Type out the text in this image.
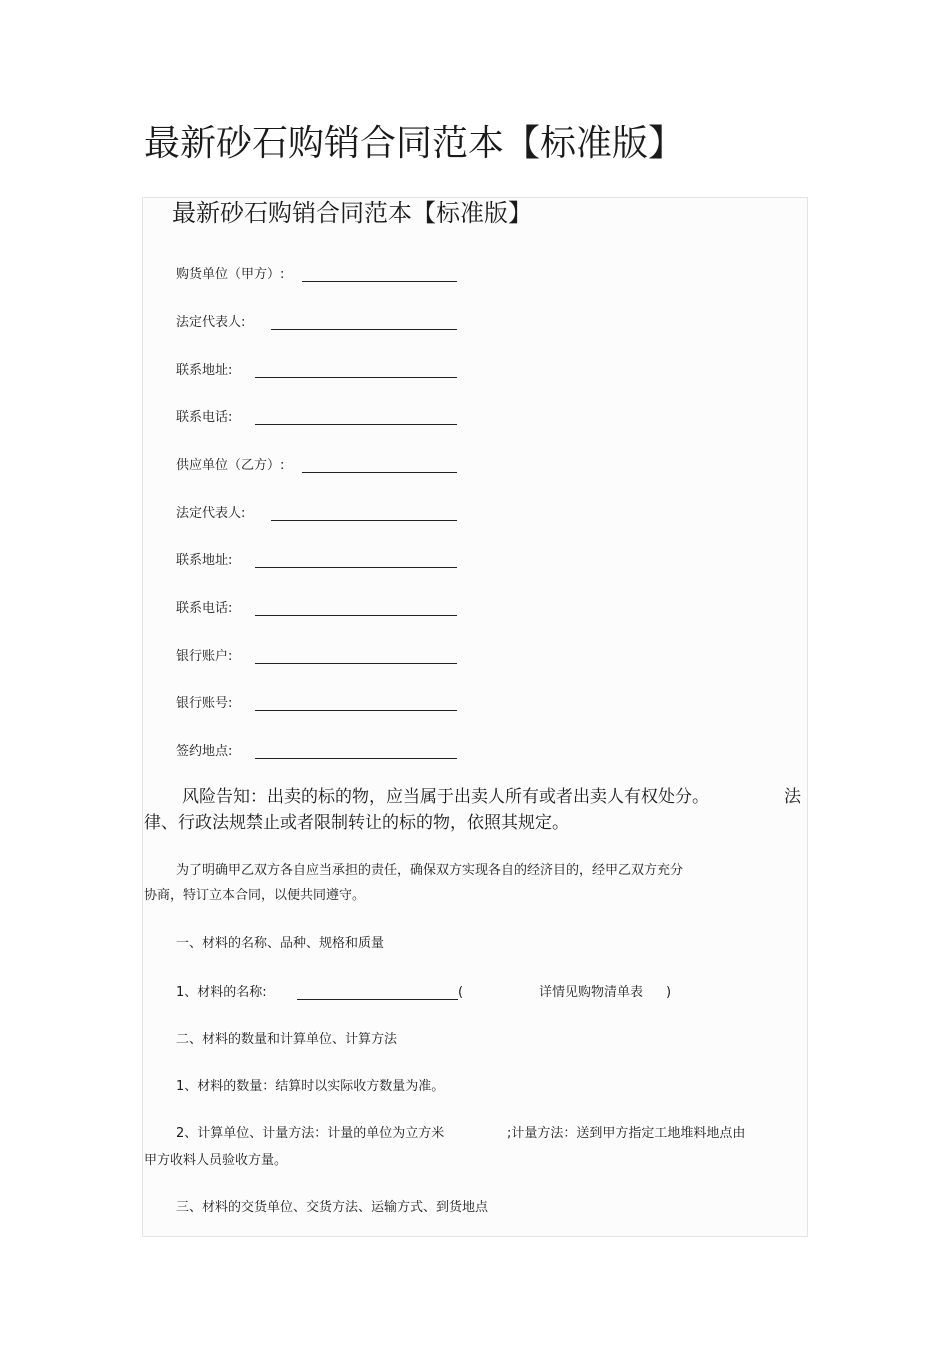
最新砂石购销合同范本【标准版】
最新砂石购销合同范本【标准版】
购货单位（甲方）:
法定代表人:
联系地址:
联系电话:
供应单位（乙方）:
法定代表人:
联系地址:
联系电话:
银行账户:
银行账号:
签约地点:
风险告知：出卖的标的物，应当属于出卖人所有或者出卖人有权处分。	法
律、行政法规禁止或者限制转让的标的物，依照其规定。
为了明确甲乙双方各自应当承担的责任，确保双方实现各自的经济目的，经甲乙双方充分
协商，特订立本合同，以便共同遵守。
一、材料的名称、品种、规格和质量
1、材料的名称:	(	详情见购物清单表 )
二、材料的数量和计算单位、计算方法
1、材料的数量：结算时以实际收方数量为准。
2、计算单位、计量方法：计量的单位为立方米	;计量方法：送到甲方指定工地堆料地点由
甲方收料人员验收方量。
三、材料的交货单位、交货方法、运输方式、到货地点
